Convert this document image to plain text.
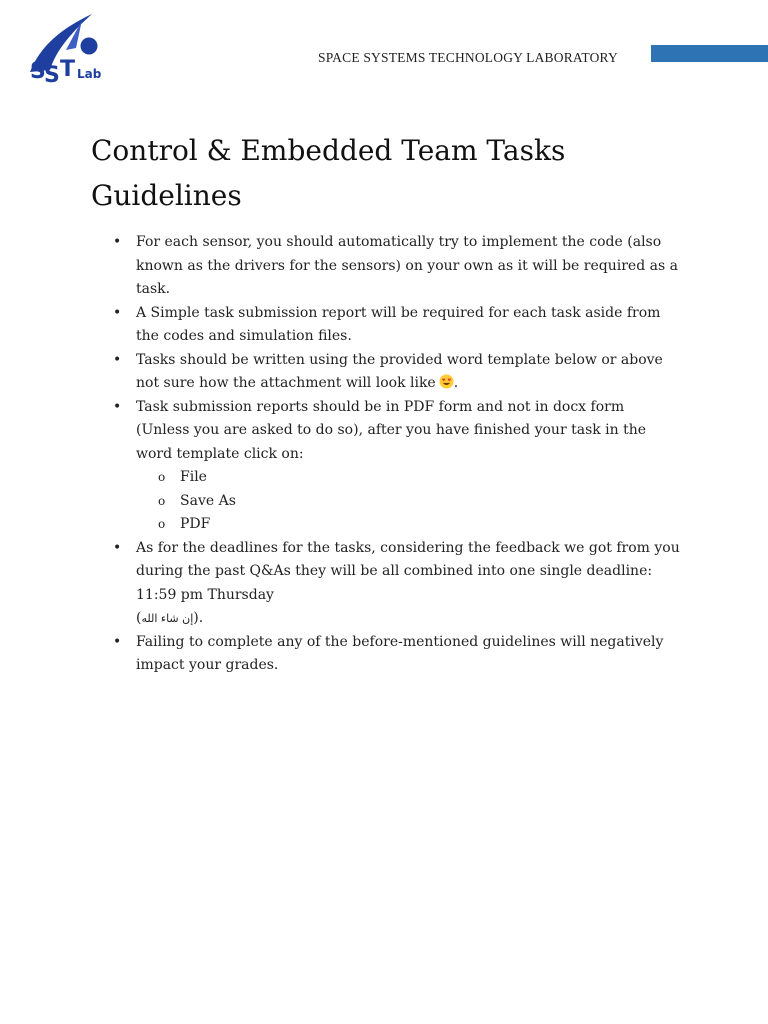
S
S T Lab
SPACE SYSTEMS TECHNOLOGY LABORATORY
Control & Embedded Team Tasks Guidelines
• For each sensor, you should automatically try to implement the code (also known as the drivers for the sensors) on your own as it will be required as a task.
• A Simple task submission report will be required for each task aside from the codes and simulation files.
• Tasks should be written using the provided word template below or above not sure how the attachment will look like .
• Task submission reports should be in PDF form and not in docx form (Unless you are asked to do so), after you have finished your task in the word template click on:
o File
o Save As
o PDF
• As for the deadlines for the tasks, considering the feedback we got from you during the past Q&As they will be all combined into one single deadline: 11:59 pm Thursday
(إن شاء الله).
• Failing to complete any of the before-mentioned guidelines will negatively impact your grades.
